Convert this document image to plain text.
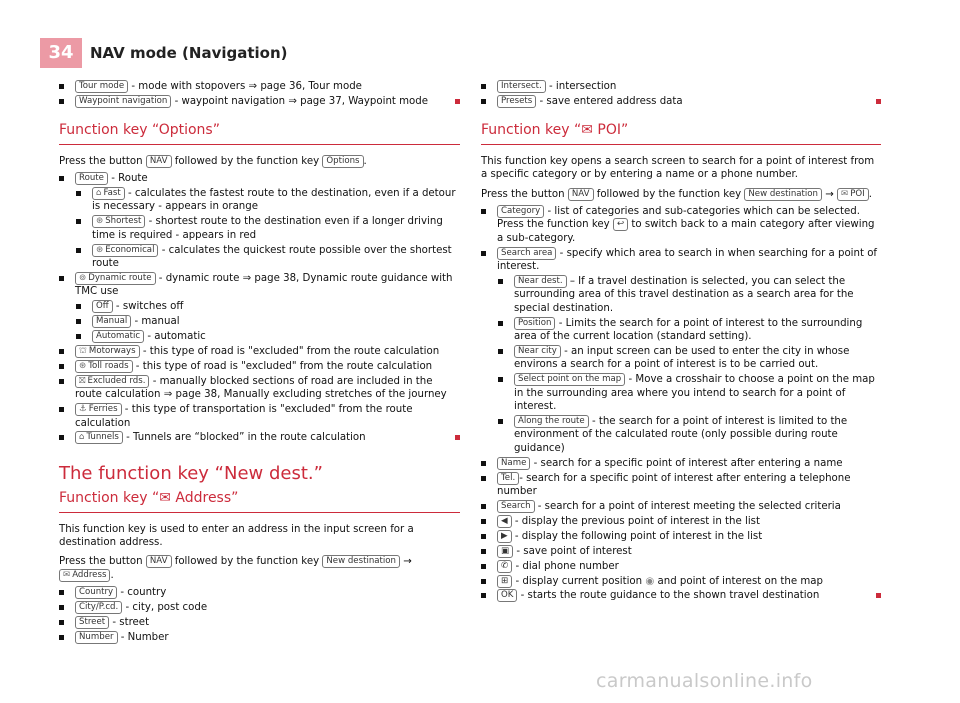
34	NAV mode (Navigation)
Tour mode - mode with stopovers ⇒ page 36, Tour mode
Waypoint navigation - waypoint navigation ⇒ page 37, Waypoint mode
Function key “Options”

Press the button NAV followed by the function key Options .

Route - Route
⌂ Fast - calculates the fastest route to the destination, even if a detour is necessary - appears in orange
⊛ Shortest - shortest route to the destination even if a longer driving time is required - appears in red
⊛ Economical - calculates the quickest route possible over the shortest route
⊚ Dynamic route - dynamic route ⇒ page 38, Dynamic route guidance with TMC use
Off - switches off
Manual - manual
Automatic - automatic
⛫ Motorways - this type of road is "excluded" from the route calculation
⊛ Toll roads - this type of road is "excluded" from the route calculation
⛝ Excluded rds. - manually blocked sections of road are included in the route calculation ⇒ page 38, Manually excluding stretches of the journey
⚓ Ferries - this type of transportation is "excluded" from the route calculation
⌂ Tunnels - Tunnels are “blocked” in the route calculation
The function key “New dest.”
Function key “✉ Address”

This function key is used to enter an address in the input screen for a destination address.

Press the button NAV followed by the function key New destination → ✉ Address .

Country - country
City/P.cd. - city, post code
Street - street
Number - Number
Intersect. - intersection
Presets - save entered address data
Function key “✉ POI”

This function key opens a search screen to search for a point of interest from a specific category or by entering a name or a phone number.

Press the button NAV followed by the function key New destination → ✉ POI .

Category - list of categories and sub-categories which can be selected. Press the function key ↩ to switch back to a main category after viewing a sub-category.
Search area - specify which area to search in when searching for a point of interest.
Near dest. – If a travel destination is selected, you can select the surrounding area of this travel destination as a search area for the special destination.
Position - Limits the search for a point of interest to the surrounding area of the current location (standard setting).
Near city - an input screen can be used to enter the city in whose environs a search for a point of interest is to be carried out.
Select point on the map - Move a crosshair to choose a point on the map in the surrounding area where you intend to search for a point of interest.
Along the route - the search for a point of interest is limited to the environment of the calculated route (only possible during route guidance)
Name - search for a specific point of interest after entering a name
Tel. - search for a specific point of interest after entering a telephone number
Search - search for a point of interest meeting the selected criteria
◀ - display the previous point of interest in the list
▶ - display the following point of interest in the list
▣ - save point of interest
✆ - dial phone number
⊞ - display current position ◉ and point of interest on the map
OK - starts the route guidance to the shown travel destination
carmanualsonline.info
